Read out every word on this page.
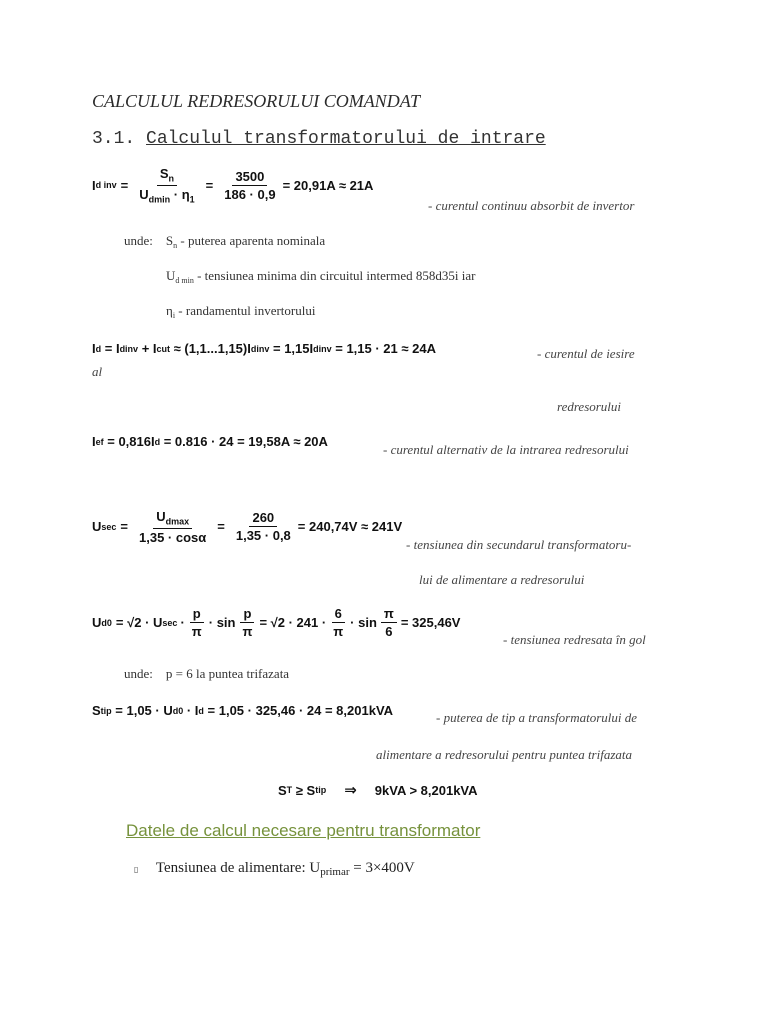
CALCULUL REDRESORULUI COMANDAT
3.1. Calculul transformatorului de intrare
I d inv = $\frac{S_n}{U_{dmin} \cdot \eta_1} = \frac{3500}{186 \cdot 0,9} = 20,91A \approx 21A$
- curentul continuu absorbit de invertor
unde: $S_n$ - puterea aparenta nominala
$U_{d min}$ - tensiunea minima din circuitul intermed 858d35i iar
$\eta_i$ - randamentul invertorului
I d = I dinv + I cut ≈ (1,1...1,15)I dinv = 1,15I dinv = 1,15 · 21 ≈ 24A	- curentul de iesire
al
redresorului
I ef = 0,816I d = 0.816 · 24 = 19,58A ≈ 20A
- curentul alternativ de la intrarea redresorului
U $\sec = \frac{U_{dmax}}{1,35 \cdot \cos\alpha} = \frac{260}{1,35 \cdot 0,8} = 240,74V \approx 241V$
- tensiunea din secundarul transformatoru-
lui de alimentare a redresorului
U d0 = √2 · U $\sec \cdot \frac{p}{\pi} \cdot \sin \frac{p}{\pi} = √2 \cdot 241 \cdot \frac{6}{\pi} \cdot \sin \frac{\pi}{6} = 325,46V$
- tensiunea redresata în gol
unde: p = 6 la puntea trifazata
S tip = 1,05 · U d0 · I d = 1,05 · 325,46 · 24 = 8,201kVA	- puterea de tip a transformatorului de
alimentare a redresorului pentru puntea trifazata
S T ≥ S tip ⇒ 9kVA > 8,201kVA
Datele de calcul necesare pentru transformator
▯ Tensiunea de alimentare: $U_{primar} = 3\times 400V$
